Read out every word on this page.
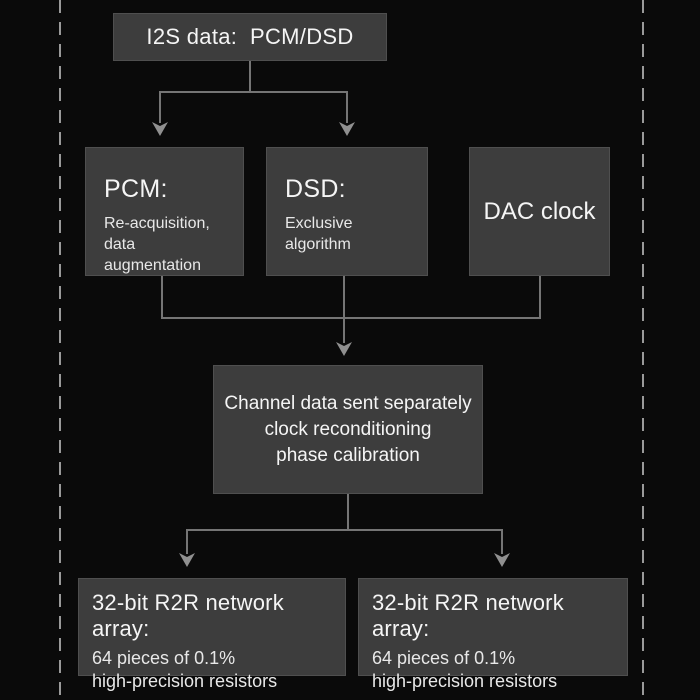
I2S data:  PCM/DSD
PCM:
Re-acquisition,
data augmentation
DSD:
Exclusive algorithm
DAC clock
Channel data sent separately
clock reconditioning
phase calibration
32-bit R2R network array:
64 pieces of 0.1%
high-precision resistors
32-bit R2R network array:
64 pieces of 0.1%
high-precision resistors
